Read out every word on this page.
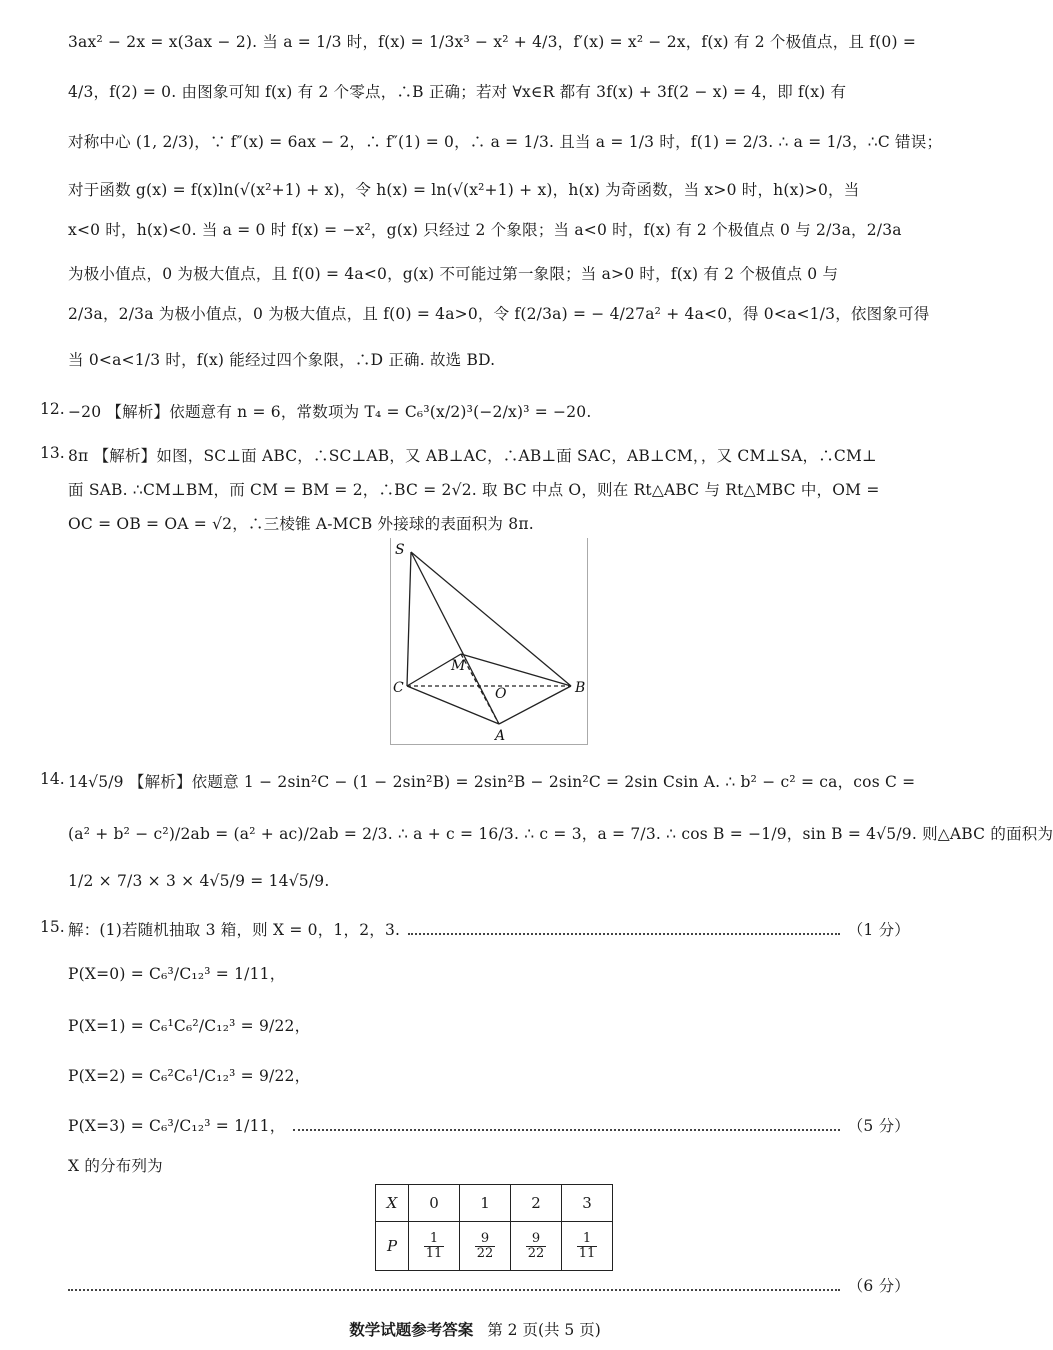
3ax² − 2x = x(3ax − 2). 当 a = 1/3 时，f(x) = 1/3x³ − x² + 4/3，f′(x) = x² − 2x，f(x) 有 2 个极值点，且 f(0) =
4/3，f(2) = 0. 由图象可知 f(x) 有 2 个零点，∴B 正确；若对 ∀x∈R 都有 3f(x) + 3f(2 − x) = 4，即 f(x) 有
对称中心 (1, 2/3)，∵ f″(x) = 6ax − 2，∴ f″(1) = 0，∴ a = 1/3. 且当 a = 1/3 时，f(1) = 2/3. ∴ a = 1/3，∴C 错误；
对于函数 g(x) = f(x)ln(√(x²+1) + x)，令 h(x) = ln(√(x²+1) + x)，h(x) 为奇函数，当 x>0 时，h(x)>0，当
x<0 时，h(x)<0. 当 a = 0 时 f(x) = −x²，g(x) 只经过 2 个象限；当 a<0 时，f(x) 有 2 个极值点 0 与 2/3a，2/3a
为极小值点，0 为极大值点，且 f(0) = 4a<0，g(x) 不可能过第一象限；当 a>0 时，f(x) 有 2 个极值点 0 与
2/3a，2/3a 为极小值点，0 为极大值点，且 f(0) = 4a>0，令 f(2/3a) = − 4/27a² + 4a<0，得 0<a<1/3，依图象可得
当 0<a<1/3 时，f(x) 能经过四个象限，∴D 正确. 故选 BD.
12. −20 【解析】依题意有 n = 6，常数项为 T₄ = C₆³(x/2)³(−2/x)³ = −20.
13. 8π 【解析】如图，SC⊥面 ABC，∴SC⊥AB，又 AB⊥AC，∴AB⊥面 SAC，AB⊥CM，，又 CM⊥SA，∴CM⊥
面 SAB. ∴CM⊥BM，而 CM = BM = 2，∴BC = 2√2. 取 BC 中点 O，则在 Rt△ABC 与 Rt△MBC 中，OM =
OC = OB = OA = √2，∴三棱锥 A-MCB 外接球的表面积为 8π.
S
M
C	O	B
A
14. 14√5/9 【解析】依题意 1 − 2sin²C − (1 − 2sin²B) = 2sin²B − 2sin²C = 2sin Csin A. ∴ b² − c² = ca，cos C =
(a² + b² − c²)/2ab = (a² + ac)/2ab = 2/3. ∴ a + c = 16/3. ∴ c = 3，a = 7/3. ∴ cos B = −1/9，sin B = 4√5/9. 则△ABC 的面积为
1/2 × 7/3 × 3 × 4√5/9 = 14√5/9.
15. 解：(1)若随机抽取 3 箱，则 X = 0，1，2，3.	（1 分）
P(X=0) = C₆³/C₁₂³ = 1/11，
P(X=1) = C₆¹C₆²/C₁₂³ = 9/22，
P(X=2) = C₆²C₆¹/C₁₂³ = 9/22，
P(X=3) = C₆³/C₁₂³ = 1/11，	（5 分）
X 的分布列为
X	0	1	2	3
P	$\frac{1}{11}$	$\frac{9}{22}$	$\frac{9}{22}$	$\frac{1}{11}$
（6 分）
数学试题参考答案 第 2 页(共 5 页)
